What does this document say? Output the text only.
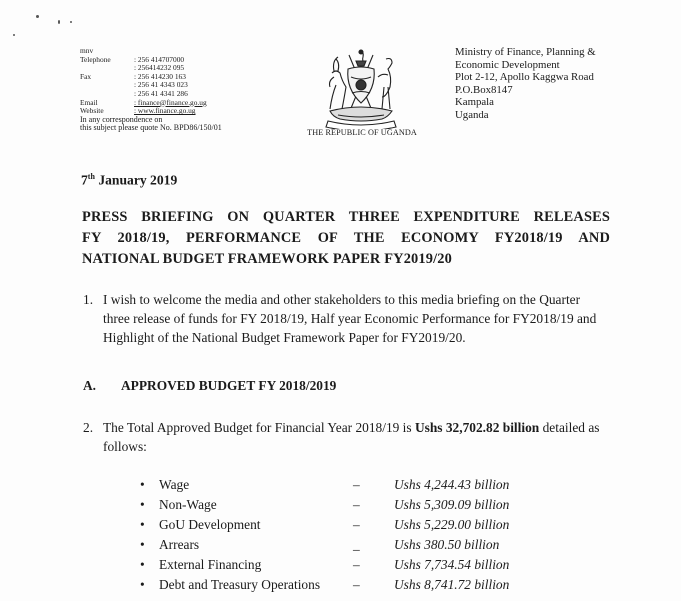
mnv
Telephone	: 256 414707000
: 256414232 095
Fax	: 256 414230 163
: 256 41 4343 023
: 256 41 4341 286
Email	: finance@finance.go.ug
Website	: www.finance.go.ug
In any correspondence on
this subject please quote No. BPD86/150/01
THE REPUBLIC OF UGANDA
Ministry of Finance, Planning &
Economic Development
Plot 2-12, Apollo Kaggwa Road
P.O.Box8147
Kampala
Uganda
7th January 2019
PRESS BRIEFING ON QUARTER THREE EXPENDITURE RELEASES
FY 2018/19, PERFORMANCE OF THE ECONOMY FY2018/19 AND
NATIONAL BUDGET FRAMEWORK PAPER FY2019/20
1. I wish to welcome the media and other stakeholders to this media briefing on the Quarter three release of funds for FY 2018/19, Half year Economic Performance for FY2018/19 and Highlight of the National Budget Framework Paper for FY2019/20.
A. APPROVED BUDGET FY 2018/2019
2. The Total Approved Budget for Financial Year 2018/19 is Ushs 32,702.82 billion detailed as follows:
• Wage	–	Ushs 4,244.43 billion
• Non-Wage	–	Ushs 5,309.09 billion
• GoU Development	–	Ushs 5,229.00 billion
• Arrears	_	Ushs 380.50 billion
• External Financing	–	Ushs 7,734.54 billion
• Debt and Treasury Operations –	Ushs 8,741.72 billion
